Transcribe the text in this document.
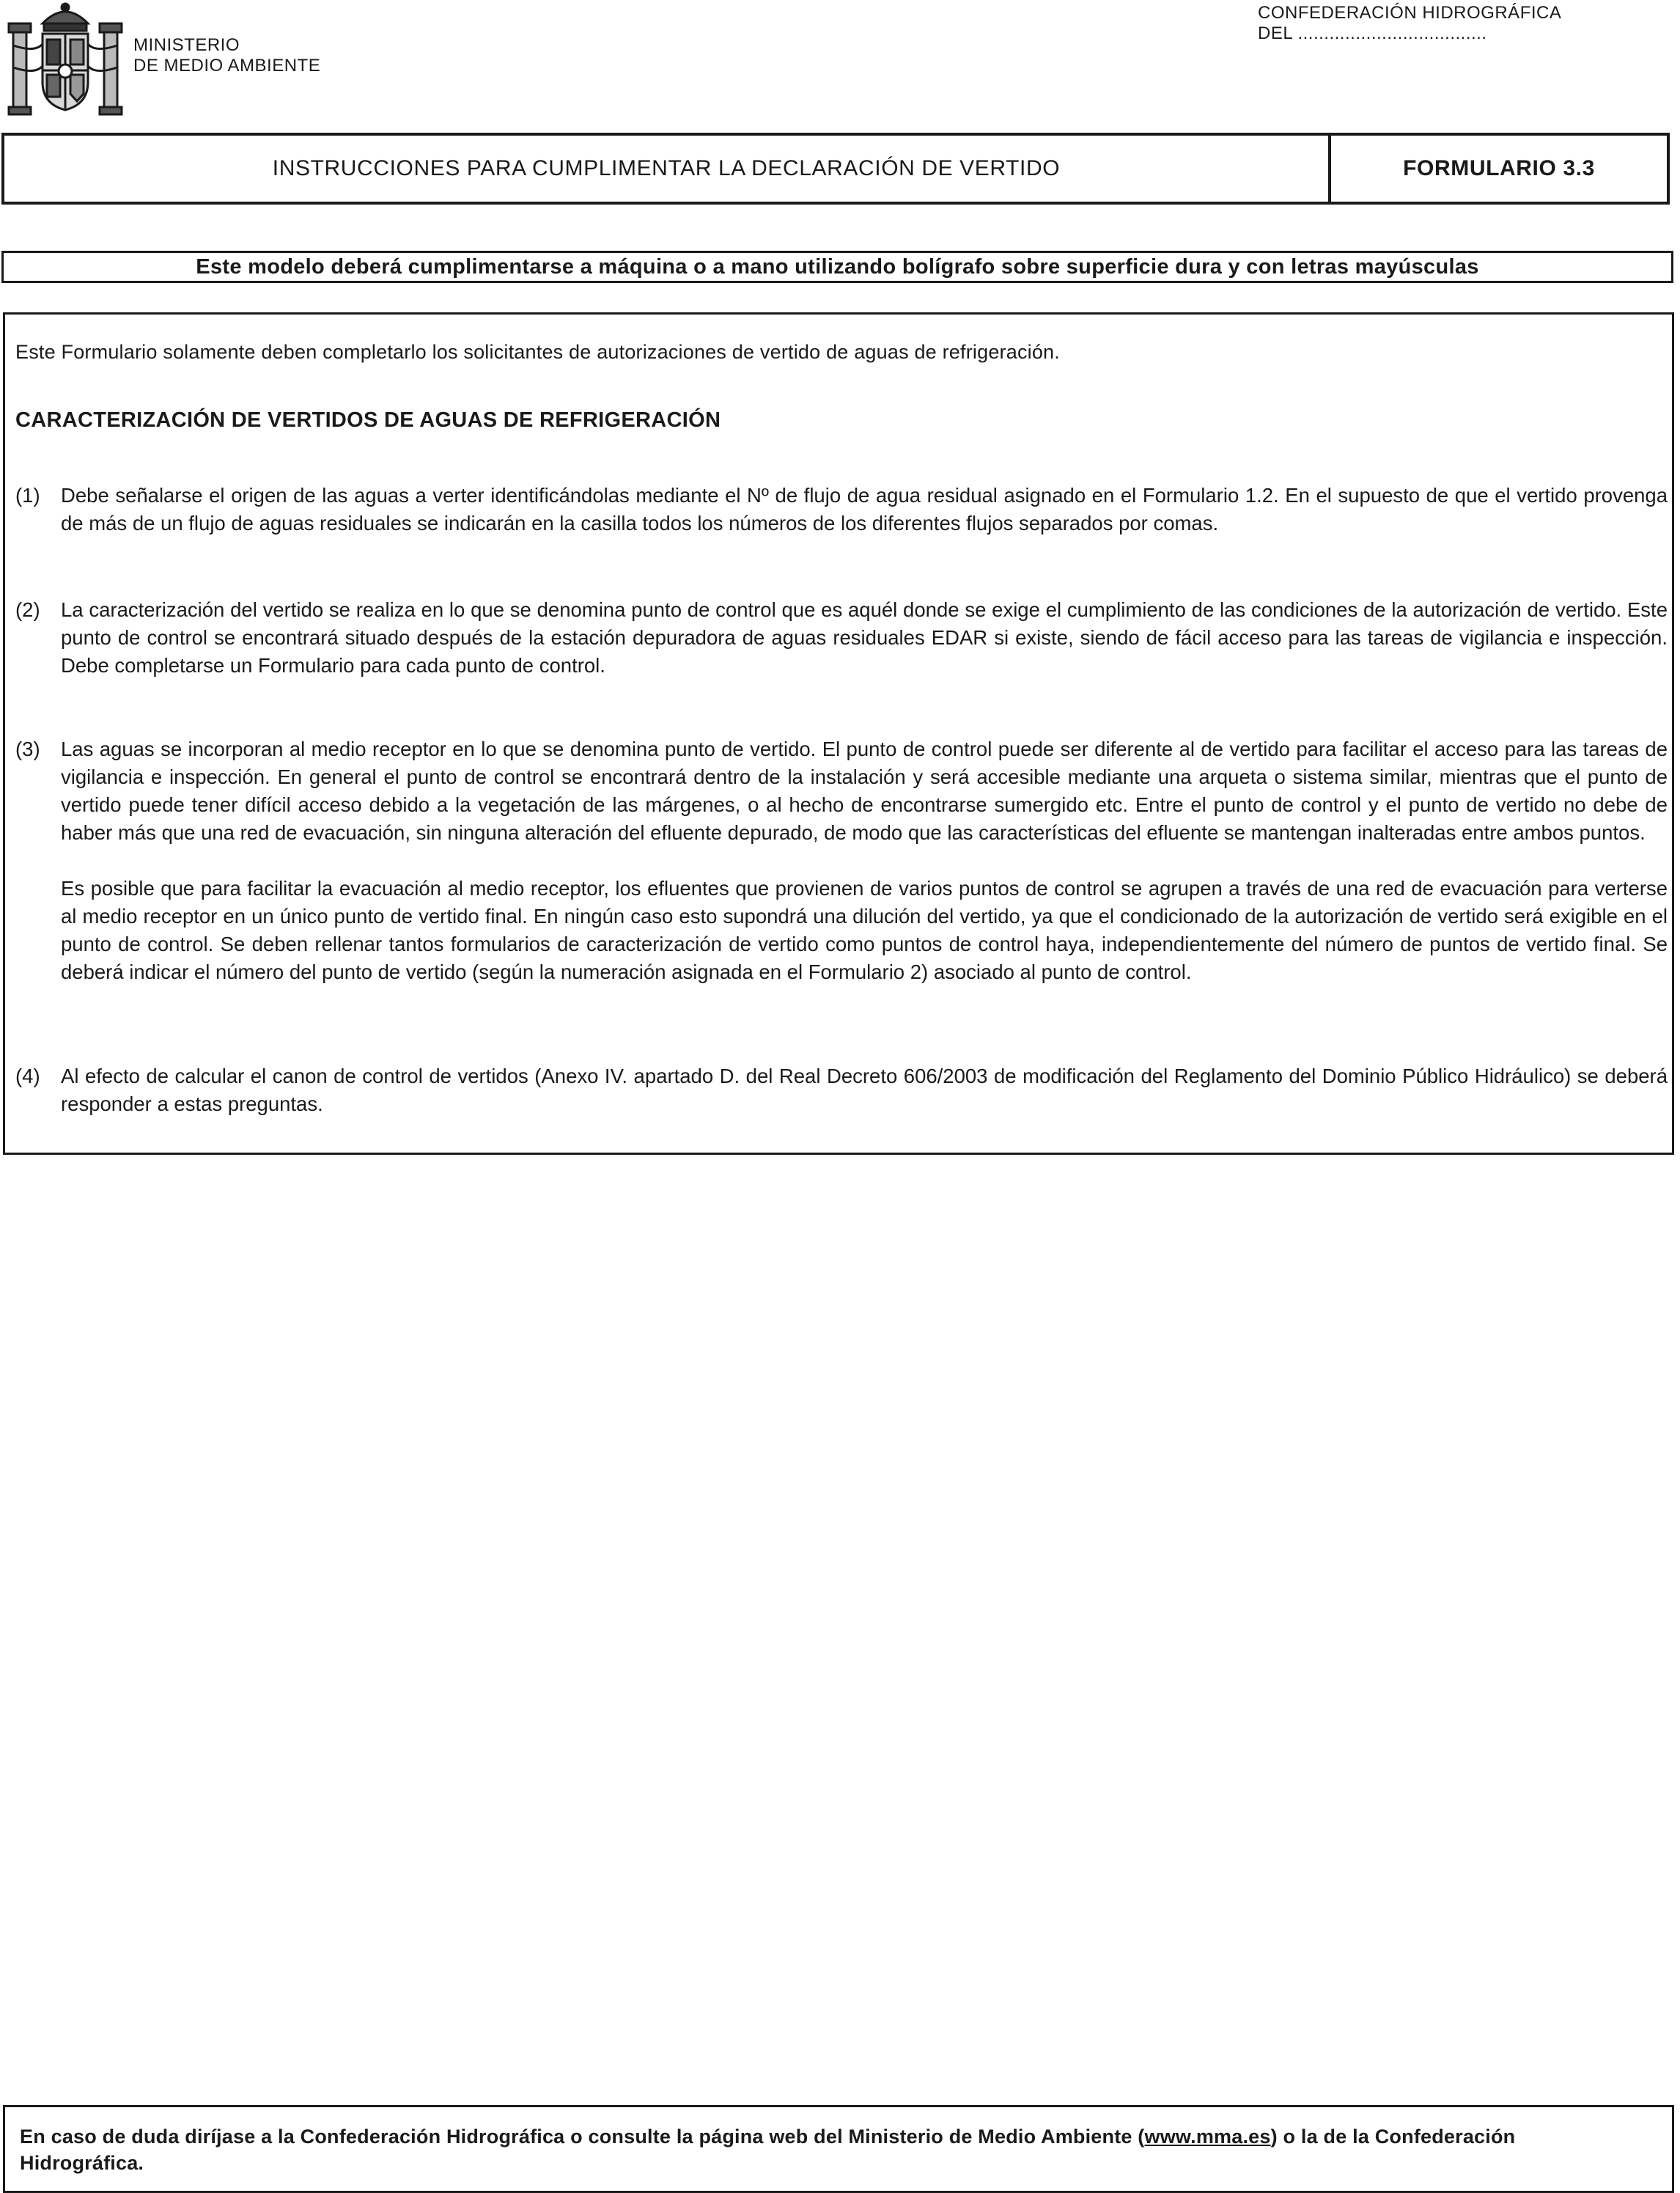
MINISTERIO
DE MEDIO AMBIENTE
CONFEDERACIÓN HIDROGRÁFICA
DEL ....................................
INSTRUCCIONES PARA CUMPLIMENTAR LA DECLARACIÓN DE VERTIDO	FORMULARIO 3.3
Este modelo deberá cumplimentarse a máquina o a mano utilizando bolígrafo sobre superficie dura y con letras mayúsculas
Este Formulario solamente deben completarlo los solicitantes de autorizaciones de vertido de aguas de refrigeración.
CARACTERIZACIÓN DE VERTIDOS DE AGUAS DE REFRIGERACIÓN
(1) Debe señalarse el origen de las aguas a verter identificándolas mediante el Nº de flujo de agua residual asignado en el Formulario 1.2. En el supuesto de que el vertido provenga de más de un flujo de aguas residuales se indicarán en la casilla todos los números de los diferentes flujos separados por comas.

(2) La caracterización del vertido se realiza en lo que se denomina punto de control que es aquél donde se exige el cumplimiento de las condiciones de la autorización de vertido. Este punto de control se encontrará situado después de la estación depuradora de aguas residuales EDAR si existe, siendo de fácil acceso para las tareas de vigilancia e inspección. Debe completarse un Formulario para cada punto de control.

(3) Las aguas se incorporan al medio receptor en lo que se denomina punto de vertido. El punto de control puede ser diferente al de vertido para facilitar el acceso para las tareas de vigilancia e inspección. En general el punto de control se encontrará dentro de la instalación y será accesible mediante una arqueta o sistema similar, mientras que el punto de vertido puede tener difícil acceso debido a la vegetación de las márgenes, o al hecho de encontrarse sumergido etc. Entre el punto de control y el punto de vertido no debe de haber más que una red de evacuación, sin ninguna alteración del efluente depurado, de modo que las características del efluente se mantengan inalteradas entre ambos puntos.

Es posible que para facilitar la evacuación al medio receptor, los efluentes que provienen de varios puntos de control se agrupen a través de una red de evacuación para verterse al medio receptor en un único punto de vertido final. En ningún caso esto supondrá una dilución del vertido, ya que el condicionado de la autorización de vertido será exigible en el punto de control. Se deben rellenar tantos formularios de caracterización de vertido como puntos de control haya, independientemente del número de puntos de vertido final. Se deberá indicar el número del punto de vertido (según la numeración asignada en el Formulario 2) asociado al punto de control.

(4) Al efecto de calcular el canon de control de vertidos (Anexo IV. apartado D. del Real Decreto 606/2003 de modificación del Reglamento del Dominio Público Hidráulico) se deberá responder a estas preguntas.

En caso de duda diríjase a la Confederación Hidrográfica o consulte la página web del Ministerio de Medio Ambiente (www.mma.es) o la de la Confederación Hidrográfica.
